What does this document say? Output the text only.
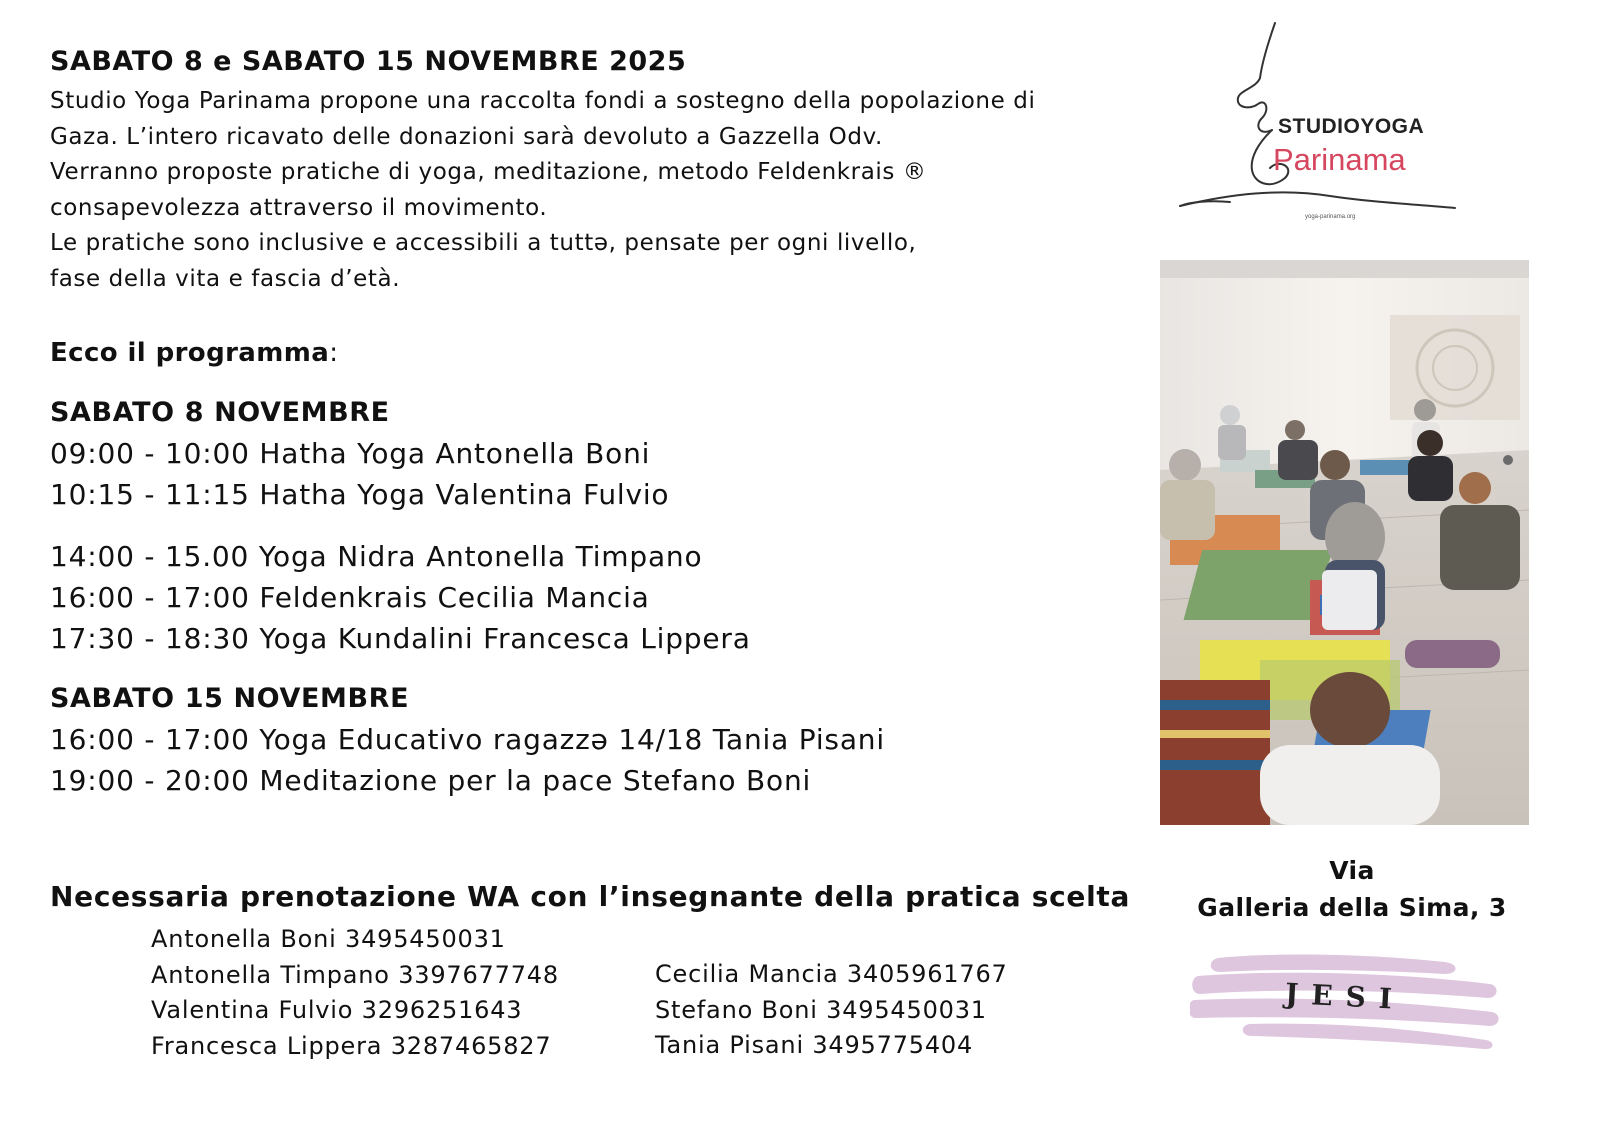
SABATO 8 e SABATO 15 NOVEMBRE 2025
Studio Yoga Parinama propone una raccolta fondi a sostegno della popolazione di
Gaza. L’intero ricavato delle donazioni sarà devoluto a Gazzella Odv.
Verranno proposte pratiche di yoga, meditazione, metodo Feldenkrais ®
consapevolezza attraverso il movimento.
Le pratiche sono inclusive e accessibili a tuttə, pensate per ogni livello,
fase della vita e fascia d’età.
Ecco il programma:
SABATO 8 NOVEMBRE
09:00 - 10:00 Hatha Yoga Antonella Boni
10:15 - 11:15 Hatha Yoga Valentina Fulvio
14:00 - 15.00 Yoga Nidra Antonella Timpano
16:00 - 17:00 Feldenkrais Cecilia Mancia
17:30 - 18:30 Yoga Kundalini Francesca Lippera
SABATO 15 NOVEMBRE
16:00 - 17:00 Yoga Educativo ragazzə 14/18 Tania Pisani
19:00 - 20:00 Meditazione per la pace Stefano Boni
Necessaria prenotazione WA con l’insegnante della pratica scelta
Antonella Boni 3495450031
Antonella Timpano 3397677748
Valentina Fulvio 3296251643
Francesca Lippera 3287465827
Cecilia Mancia 3405961767
Stefano Boni 3495450031
Tania Pisani 3495775404
STUDIOYOGA
Parinama
yoga-parinama.org
Via
Galleria della Sima, 3
JESI
